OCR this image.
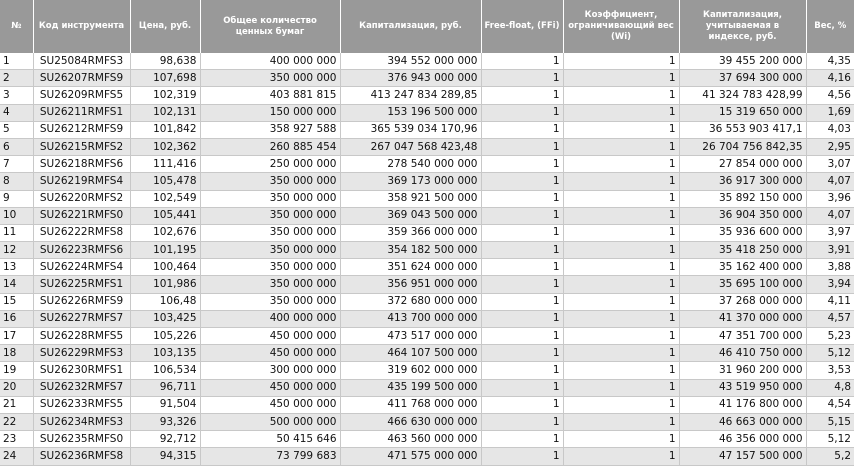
№	Код инструмента	Цена, руб.	Общее количество ценных бумаг	Капитализация, руб.	Free-float, (FFi)	Коэффициент, ограничивающий вес (Wi)	Капитализация, учитываемая в индексе, руб.	Вес, %
1	SU25084RMFS3	98,638	400 000 000	394 552 000 000	1	1	39 455 200 000	4,35
2	SU26207RMFS9	107,698	350 000 000	376 943 000 000	1	1	37 694 300 000	4,16
3	SU26209RMFS5	102,319	403 881 815	413 247 834 289,85	1	1	41 324 783 428,99	4,56
4	SU26211RMFS1	102,131	150 000 000	153 196 500 000	1	1	15 319 650 000	1,69
5	SU26212RMFS9	101,842	358 927 588	365 539 034 170,96	1	1	36 553 903 417,1	4,03
6	SU26215RMFS2	102,362	260 885 454	267 047 568 423,48	1	1	26 704 756 842,35	2,95
7	SU26218RMFS6	111,416	250 000 000	278 540 000 000	1	1	27 854 000 000	3,07
8	SU26219RMFS4	105,478	350 000 000	369 173 000 000	1	1	36 917 300 000	4,07
9	SU26220RMFS2	102,549	350 000 000	358 921 500 000	1	1	35 892 150 000	3,96
10	SU26221RMFS0	105,441	350 000 000	369 043 500 000	1	1	36 904 350 000	4,07
11	SU26222RMFS8	102,676	350 000 000	359 366 000 000	1	1	35 936 600 000	3,97
12	SU26223RMFS6	101,195	350 000 000	354 182 500 000	1	1	35 418 250 000	3,91
13	SU26224RMFS4	100,464	350 000 000	351 624 000 000	1	1	35 162 400 000	3,88
14	SU26225RMFS1	101,986	350 000 000	356 951 000 000	1	1	35 695 100 000	3,94
15	SU26226RMFS9	106,48	350 000 000	372 680 000 000	1	1	37 268 000 000	4,11
16	SU26227RMFS7	103,425	400 000 000	413 700 000 000	1	1	41 370 000 000	4,57
17	SU26228RMFS5	105,226	450 000 000	473 517 000 000	1	1	47 351 700 000	5,23
18	SU26229RMFS3	103,135	450 000 000	464 107 500 000	1	1	46 410 750 000	5,12
19	SU26230RMFS1	106,534	300 000 000	319 602 000 000	1	1	31 960 200 000	3,53
20	SU26232RMFS7	96,711	450 000 000	435 199 500 000	1	1	43 519 950 000	4,8
21	SU26233RMFS5	91,504	450 000 000	411 768 000 000	1	1	41 176 800 000	4,54
22	SU26234RMFS3	93,326	500 000 000	466 630 000 000	1	1	46 663 000 000	5,15
23	SU26235RMFS0	92,712	50 415 646	463 560 000 000	1	1	46 356 000 000	5,12
24	SU26236RMFS8	94,315	73 799 683	471 575 000 000	1	1	47 157 500 000	5,2
